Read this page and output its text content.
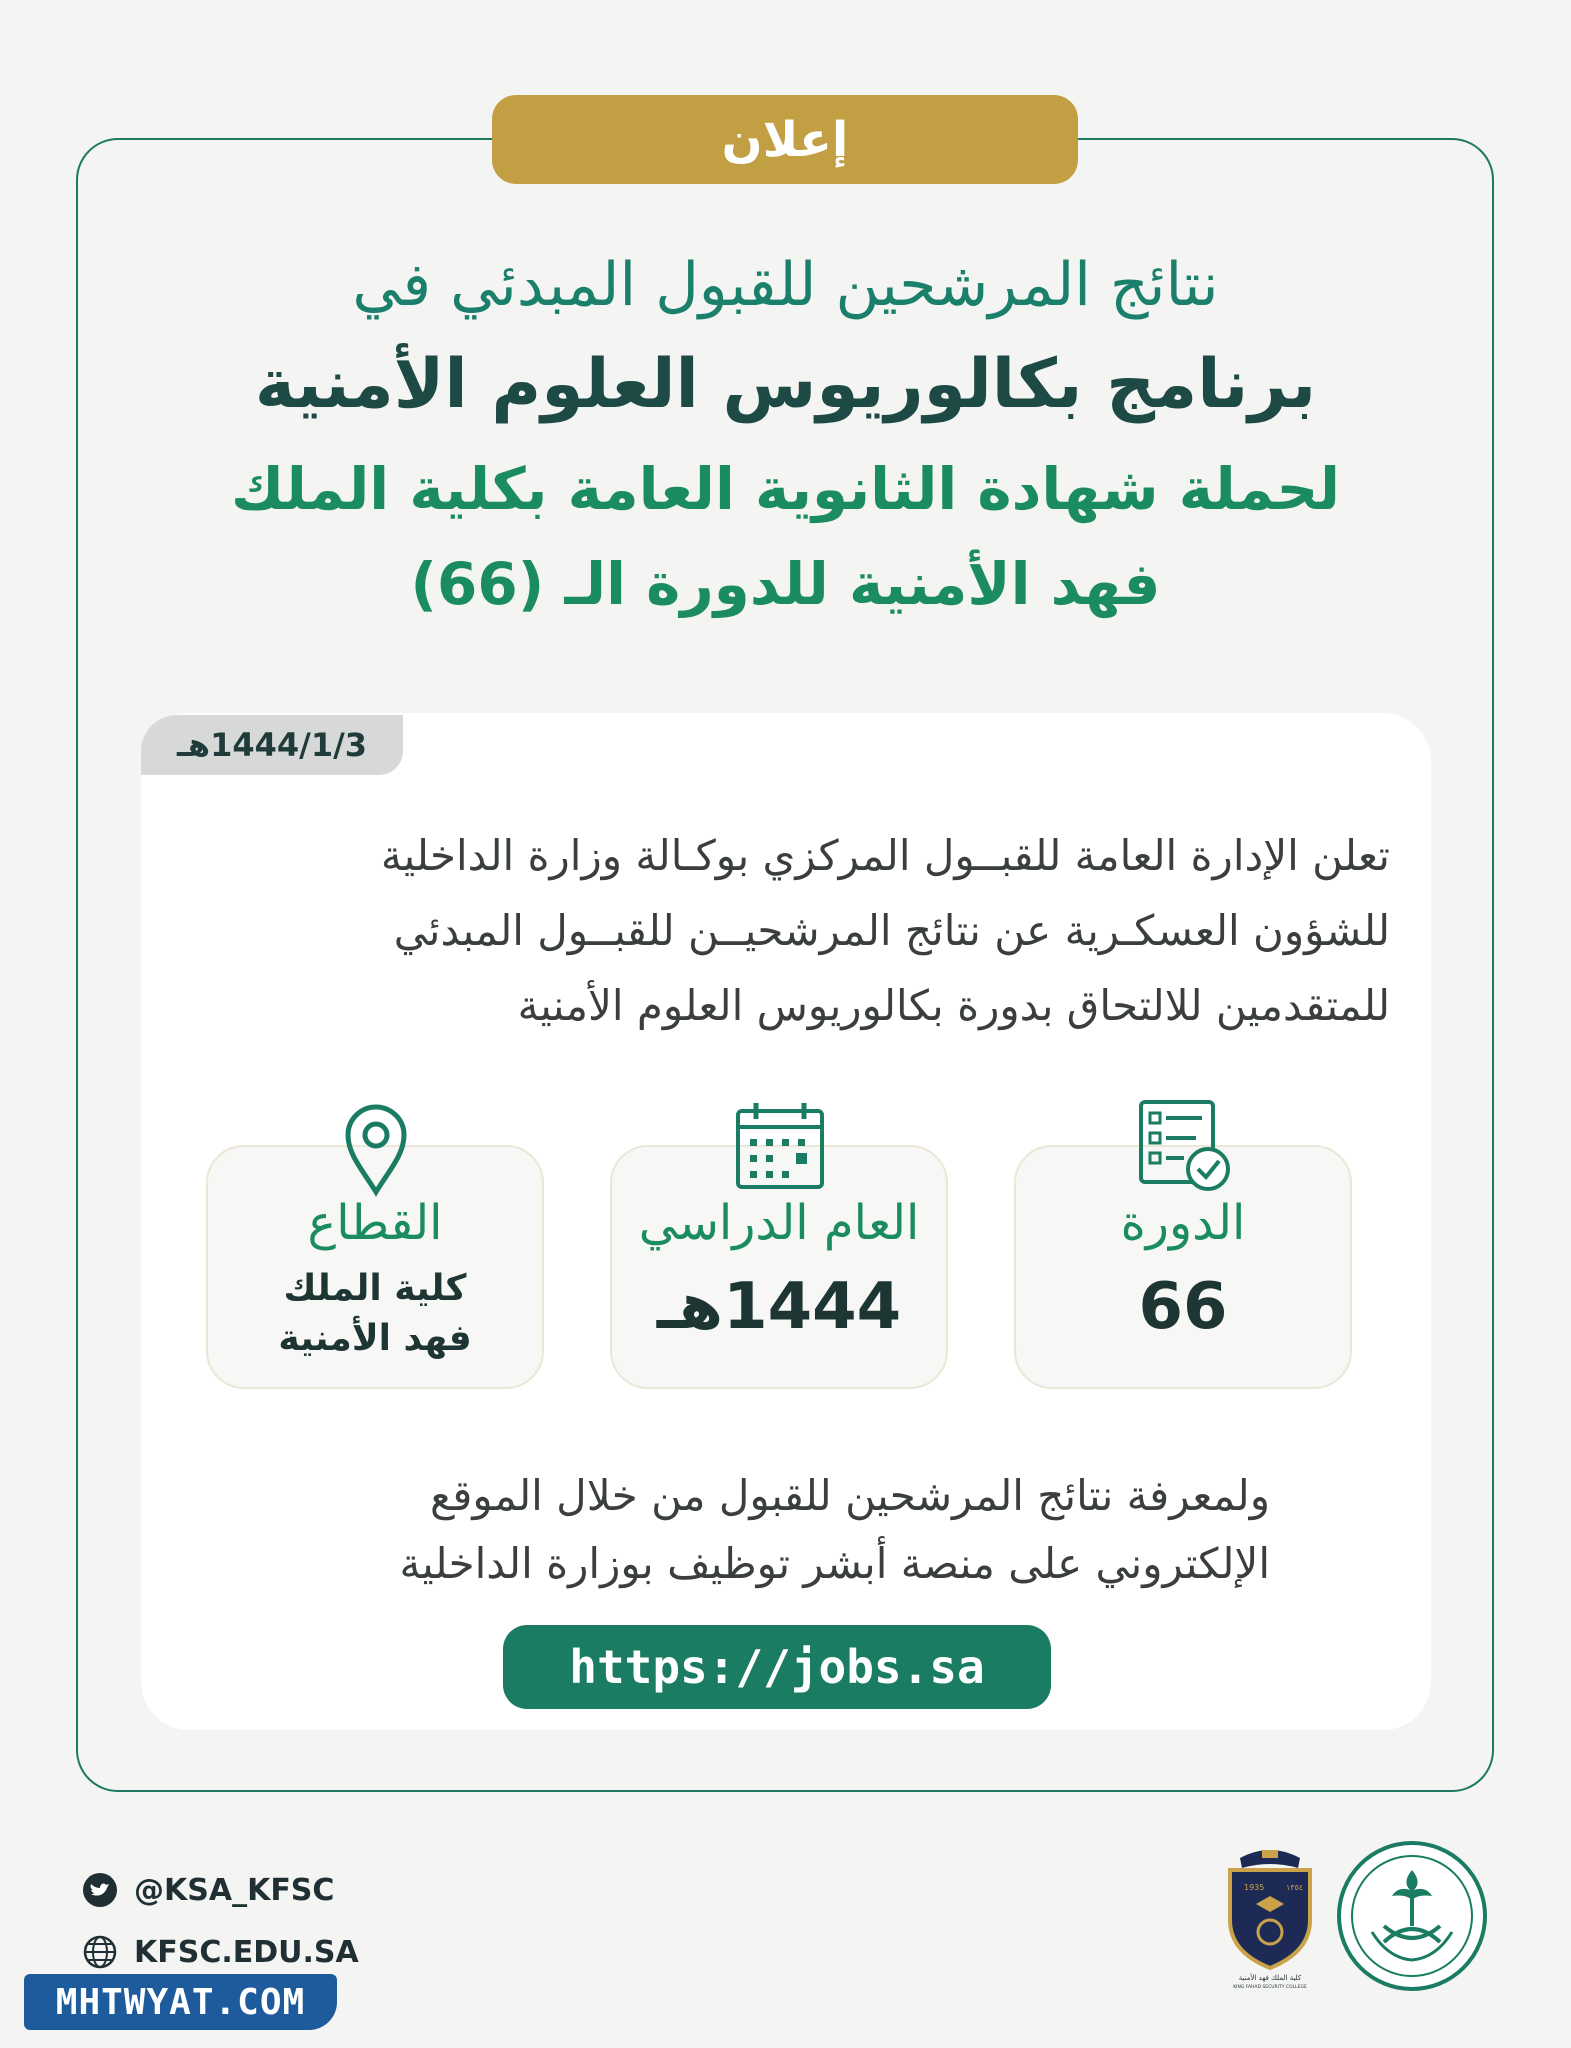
إعلان
نتائج المرشحين للقبول المبدئي في
برنامج بكالوريوس العلوم الأمنية
لحملة شهادة الثانوية العامة بكلية الملك
فهد الأمنية للدورة الـ (66)
1444/1/3هـ
تعلن الإدارة العامة للقبــول المركزي بوكـالة وزارة الداخلية
للشؤون العسكـرية عن نتائج المرشحيــن للقبــول المبدئي
للمتقدمين للالتحاق بدورة بكالوريوس العلوم الأمنية
الدورة
66
العام الدراسي
1444هـ
القطاع
كلية الملك
فهد الأمنية
ولمعرفة نتائج المرشحين للقبول من خلال الموقع
الإلكتروني على منصة أبشر توظيف بوزارة الداخلية
https://jobs.sa
@KSA_KFSC
KFSC.EDU.SA
MHTWYAT.COM
1935	١٣٥٤
كلية الملك فهد الأمنية
KING FAHAD SECURITY COLLEGE
